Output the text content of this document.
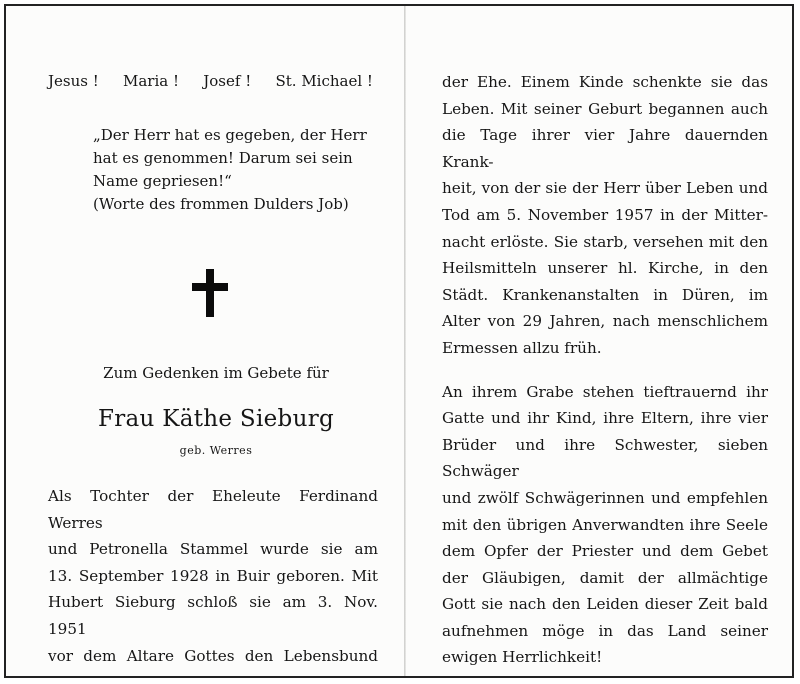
Jesus ! Maria ! Josef ! St. Michael !

„Der Herr hat es gegeben, der Herr

hat es genommen! Darum sei sein

Name gepriesen!“

(Worte des frommen Dulders Job)

Zum Gedenken im Gebete für
Frau Käthe Sieburg
geb. Werres

Als Tochter der Eheleute Ferdinand Werres

und Petronella Stammel wurde sie am

13. September 1928 in Buir geboren. Mit

Hubert Sieburg schloß sie am 3. Nov. 1951

vor dem Altare Gottes den Lebensbund

der Ehe. Einem Kinde schenkte sie das

Leben. Mit seiner Geburt begannen auch

die Tage ihrer vier Jahre dauernden Krank-

heit, von der sie der Herr über Leben und

Tod am 5. November 1957 in der Mitter-

nacht erlöste. Sie starb, versehen mit den

Heilsmitteln unserer hl. Kirche, in den

Städt. Krankenanstalten in Düren, im

Alter von 29 Jahren, nach menschlichem

Ermessen allzu früh.

An ihrem Grabe stehen tieftrauernd ihr

Gatte und ihr Kind, ihre Eltern, ihre vier

Brüder und ihre Schwester, sieben Schwäger

und zwölf Schwägerinnen und empfehlen

mit den übrigen Anverwandten ihre Seele

dem Opfer der Priester und dem Gebet

der Gläubigen, damit der allmächtige

Gott sie nach den Leiden dieser Zeit bald

aufnehmen möge in das Land seiner

ewigen Herrlichkeit!
